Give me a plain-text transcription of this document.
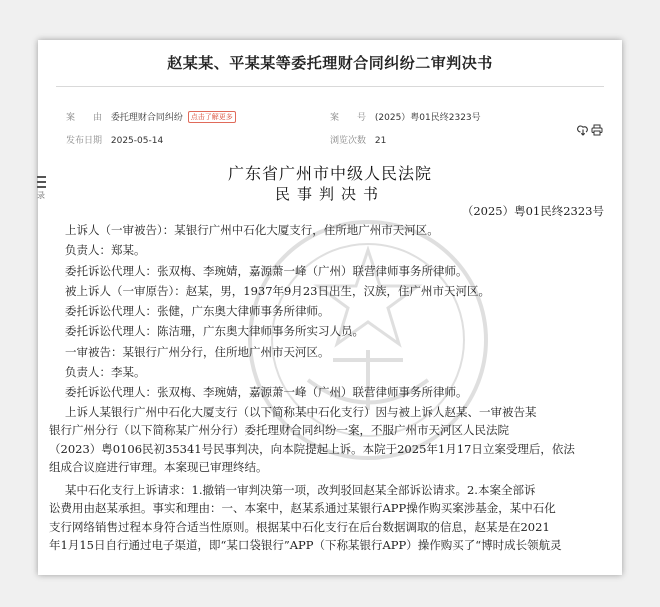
赵某某、平某某等委托理财合同纠纷二审判决书
案　　由 委托理财合同纠纷 点击了解更多	案　　号 (2025）粤01民终2323号
发布日期 2025-05-14	浏览次数 21
广东省广州市中级人民法院
民事判决书
（2025）粤01民终2323号
上诉人（一审被告）：某银行广州中石化大厦支行，住所地广州市天河区。
负责人：郑某。
委托诉讼代理人：张双梅、李琬婧，嘉源萧一峰（广州）联营律师事务所律师。
被上诉人（一审原告）：赵某，男，1937年9月23日出生，汉族，住广州市天河区。
委托诉讼代理人：张健，广东奥大律师事务所律师。
委托诉讼代理人：陈洁珊，广东奥大律师事务所实习人员。
一审被告：某银行广州分行，住所地广州市天河区。
负责人：李某。
委托诉讼代理人：张双梅、李琬婧，嘉源萧一峰（广州）联营律师事务所律师。
上诉人某银行广州中石化大厦支行（以下简称某中石化支行）因与被上诉人赵某、一审被告某
银行广州分行（以下简称某广州分行）委托理财合同纠纷一案，不服广州市天河区人民法院
（2023）粤0106民初35341号民事判决，向本院提起上诉。本院于2025年1月17日立案受理后，依法
组成合议庭进行审理。本案现已审理终结。
某中石化支行上诉请求：1.撤销一审判决第一项，改判驳回赵某全部诉讼请求。2.本案全部诉
讼费用由赵某承担。事实和理由：一、本案中，赵某系通过某银行APP操作购买案涉基金，某中石化
支行网络销售过程本身符合适当性原则。根据某中石化支行在后台数据调取的信息，赵某是在2021
年1月15日自行通过电子渠道，即“某口袋银行”APP（下称某银行APP）操作购买了“博时成长领航灵
录
